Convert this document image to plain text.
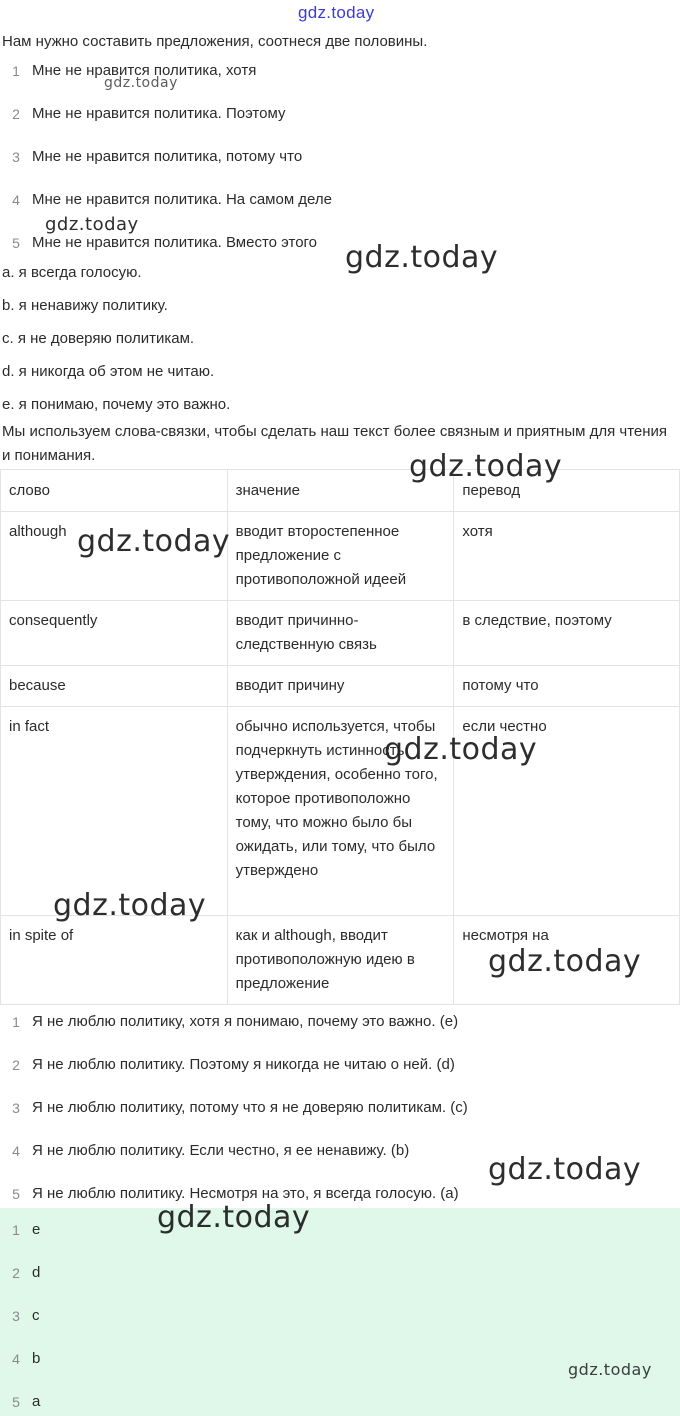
gdz.today
Нам нужно составить предложения, соотнеся две половины.
1 Мне не нравится политика, хотя
2 Мне не нравится политика. Поэтому
3 Мне не нравится политика, потому что
4 Мне не нравится политика. На самом деле
5 Мне не нравится политика. Вместо этого
a. я всегда голосую.
b. я ненавижу политику.
c. я не доверяю политикам.
d. я никогда об этом не читаю.
e. я понимаю, почему это важно.
Мы используем слова-связки, чтобы сделать наш текст более связным и приятным для чтения и понимания.
слово	значение	перевод
although	вводит второстепенное предложение с противоположной идеей	хотя
consequently	вводит причинно-следственную связь	в следствие, поэтому
because	вводит причину	потому что
in fact	обычно используется, чтобы подчеркнуть истинность утверждения, особенно того, которое противоположно тому, что можно было бы ожидать, или тому, что было утверждено	если честно
in spite of	как и although, вводит противоположную идею в предложение	несмотря на
1 Я не люблю политику, хотя я понимаю, почему это важно. (e)
2 Я не люблю политику. Поэтому я никогда не читаю о ней. (d)
3 Я не люблю политику, потому что я не доверяю политикам. (c)
4 Я не люблю политику. Если честно, я ее ненавижу. (b)
5 Я не люблю политику. Несмотря на это, я всегда голосую. (a)
1 e
2 d
3 c
4 b
5 a
gdz.today
gdz.today
gdz.today
gdz.today
gdz.today
gdz.today
gdz.today
gdz.today
gdz.today
gdz.today
gdz.today
